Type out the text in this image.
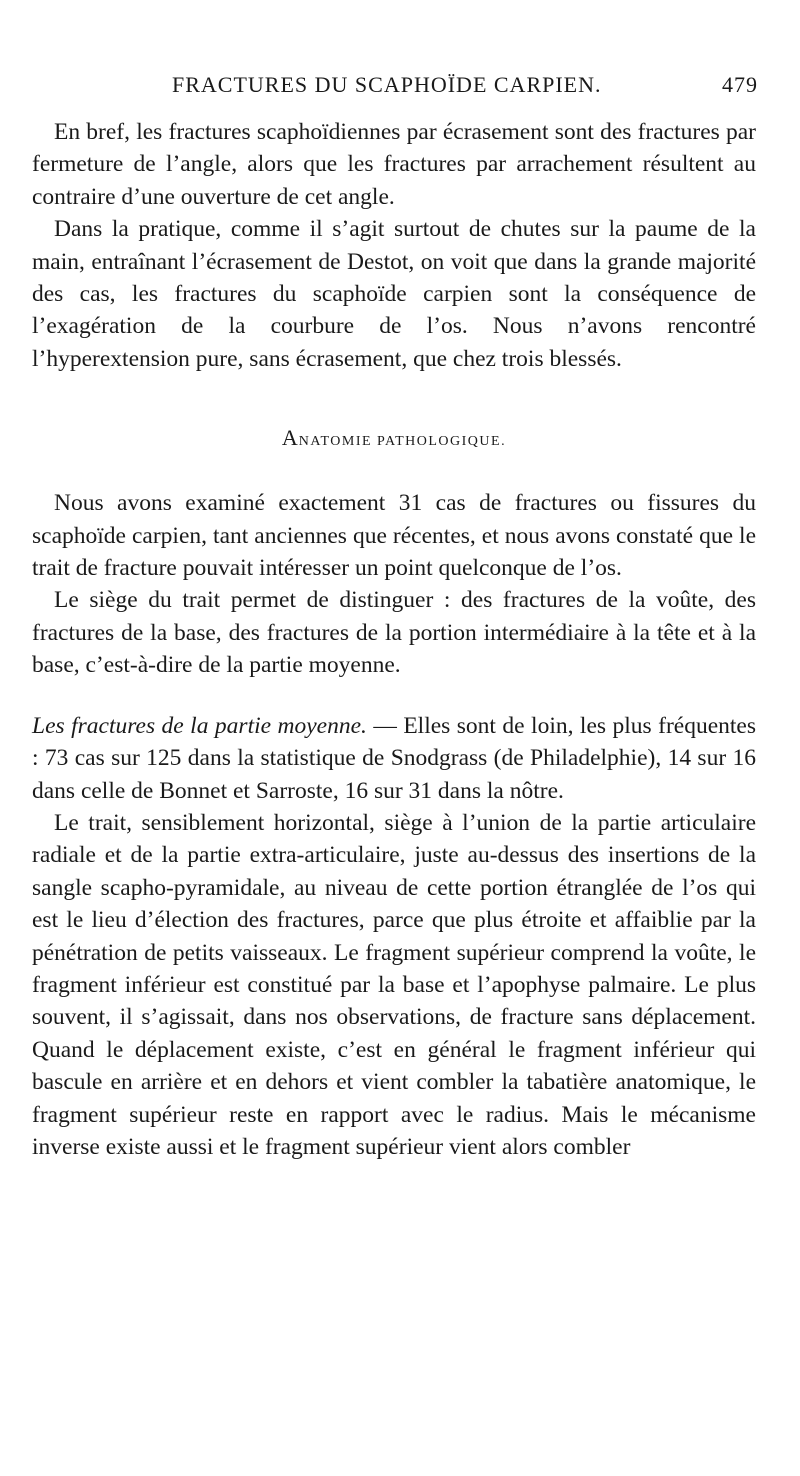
FRACTURES DU SCAPHOÏDE CARPIEN.	479

En bref, les fractures scaphoïdiennes par écrasement sont des fractures par fermeture de l’angle, alors que les fractures par arrachement résultent au contraire d’une ouverture de cet angle.

Dans la pratique, comme il s’agit surtout de chutes sur la paume de la main, entraînant l’écrasement de Destot, on voit que dans la grande majorité des cas, les fractures du scaphoïde carpien sont la conséquence de l’exagération de la courbure de l’os. Nous n’avons rencontré l’hyperextension pure, sans écrasement, que chez trois blessés.

ANATOMIE PATHOLOGIQUE.

Nous avons examiné exactement 31 cas de fractures ou fissures du scaphoïde carpien, tant anciennes que récentes, et nous avons constaté que le trait de fracture pouvait intéresser un point quelconque de l’os.

Le siège du trait permet de distinguer : des fractures de la voûte, des fractures de la base, des fractures de la portion intermédiaire à la tête et à la base, c’est-à-dire de la partie moyenne.

Les fractures de la partie moyenne. — Elles sont de loin, les plus fréquentes : 73 cas sur 125 dans la statistique de Snodgrass (de Philadelphie), 14 sur 16 dans celle de Bonnet et Sarroste, 16 sur 31 dans la nôtre.

Le trait, sensiblement horizontal, siège à l’union de la partie articulaire radiale et de la partie extra-articulaire, juste au-dessus des insertions de la sangle scapho-pyramidale, au niveau de cette portion étranglée de l’os qui est le lieu d’élection des fractures, parce que plus étroite et affaiblie par la pénétration de petits vaisseaux. Le fragment supérieur comprend la voûte, le fragment inférieur est constitué par la base et l’apophyse palmaire. Le plus souvent, il s’agissait, dans nos observations, de fracture sans déplacement. Quand le déplacement existe, c’est en général le fragment inférieur qui bascule en arrière et en dehors et vient combler la tabatière anatomique, le fragment supérieur reste en rapport avec le radius. Mais le mécanisme inverse existe aussi et le fragment supérieur vient alors combler
